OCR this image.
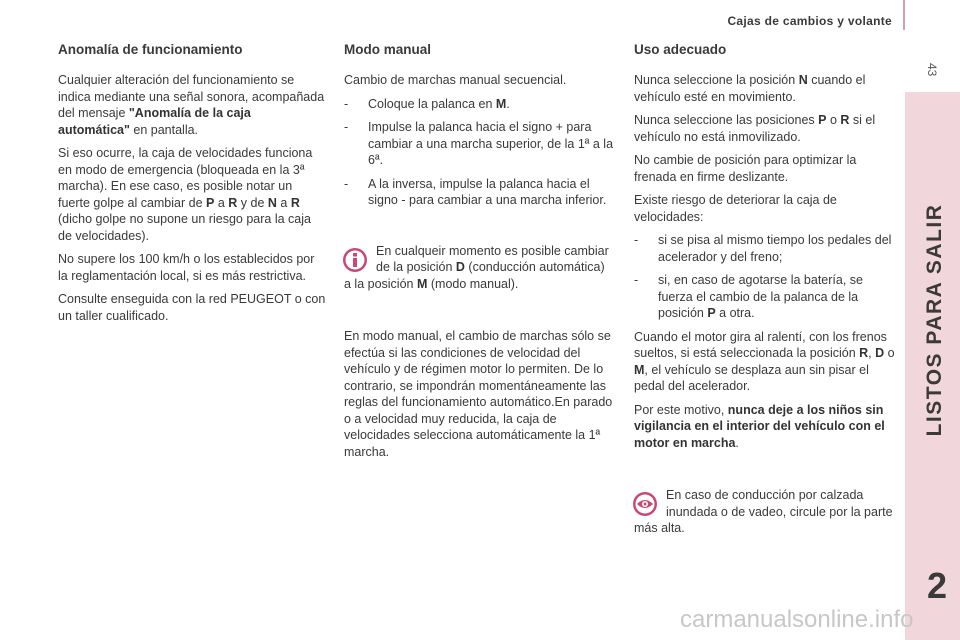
Cajas de cambios y volante
43
LISTOS PARA SALIR
2
Anomalía de funcionamiento

Cualquier alteración del funcionamiento se indica mediante una señal sonora, acompañada del mensaje "Anomalía de la caja automática" en pantalla.

Si eso ocurre, la caja de velocidades funciona en modo de emergencia (bloqueada en la 3ª marcha). En ese caso, es posible notar un fuerte golpe al cambiar de P a R y de N a R (dicho golpe no supone un riesgo para la caja de velocidades).

No supere los 100 km/h o los establecidos por la reglamentación local, si es más restrictiva.

Consulte enseguida con la red PEUGEOT o con un taller cualificado.

Modo manual

Cambio de marchas manual secuencial.

- Coloque la palanca en M.
- Impulse la palanca hacia el signo + para cambiar a una marcha superior, de la 1ª a la 6ª.
- A la inversa, impulse la palanca hacia el signo - para cambiar a una marcha inferior.
En cualqueir momento es posible cambiar de la posición D (conducción automática) a la posición M (modo manual).

En modo manual, el cambio de marchas sólo se efectúa si las condiciones de velocidad del vehículo y de régimen motor lo permiten. De lo contrario, se impondrán momentáneamente las reglas del funcionamiento automático.En parado o a velocidad muy reducida, la caja de velocidades selecciona automáticamente la 1ª marcha.

Uso adecuado

Nunca seleccione la posición N cuando el vehículo esté en movimiento.

Nunca seleccione las posiciones P o R si el vehículo no está inmovilizado.

No cambie de posición para optimizar la frenada en firme deslizante.

Existe riesgo de deteriorar la caja de velocidades:

- si se pisa al mismo tiempo los pedales del acelerador y del freno;
- si, en caso de agotarse la batería, se fuerza el cambio de la palanca de la posición P a otra.

Cuando el motor gira al ralentí, con los frenos sueltos, si está seleccionada la posición R, D o M, el vehículo se desplaza aun sin pisar el pedal del acelerador.

Por este motivo, nunca deje a los niños sin vigilancia en el interior del vehículo con el motor en marcha.

En caso de conducción por calzada inundada o de vadeo, circule por la parte más alta.
carmanualsonline.info
